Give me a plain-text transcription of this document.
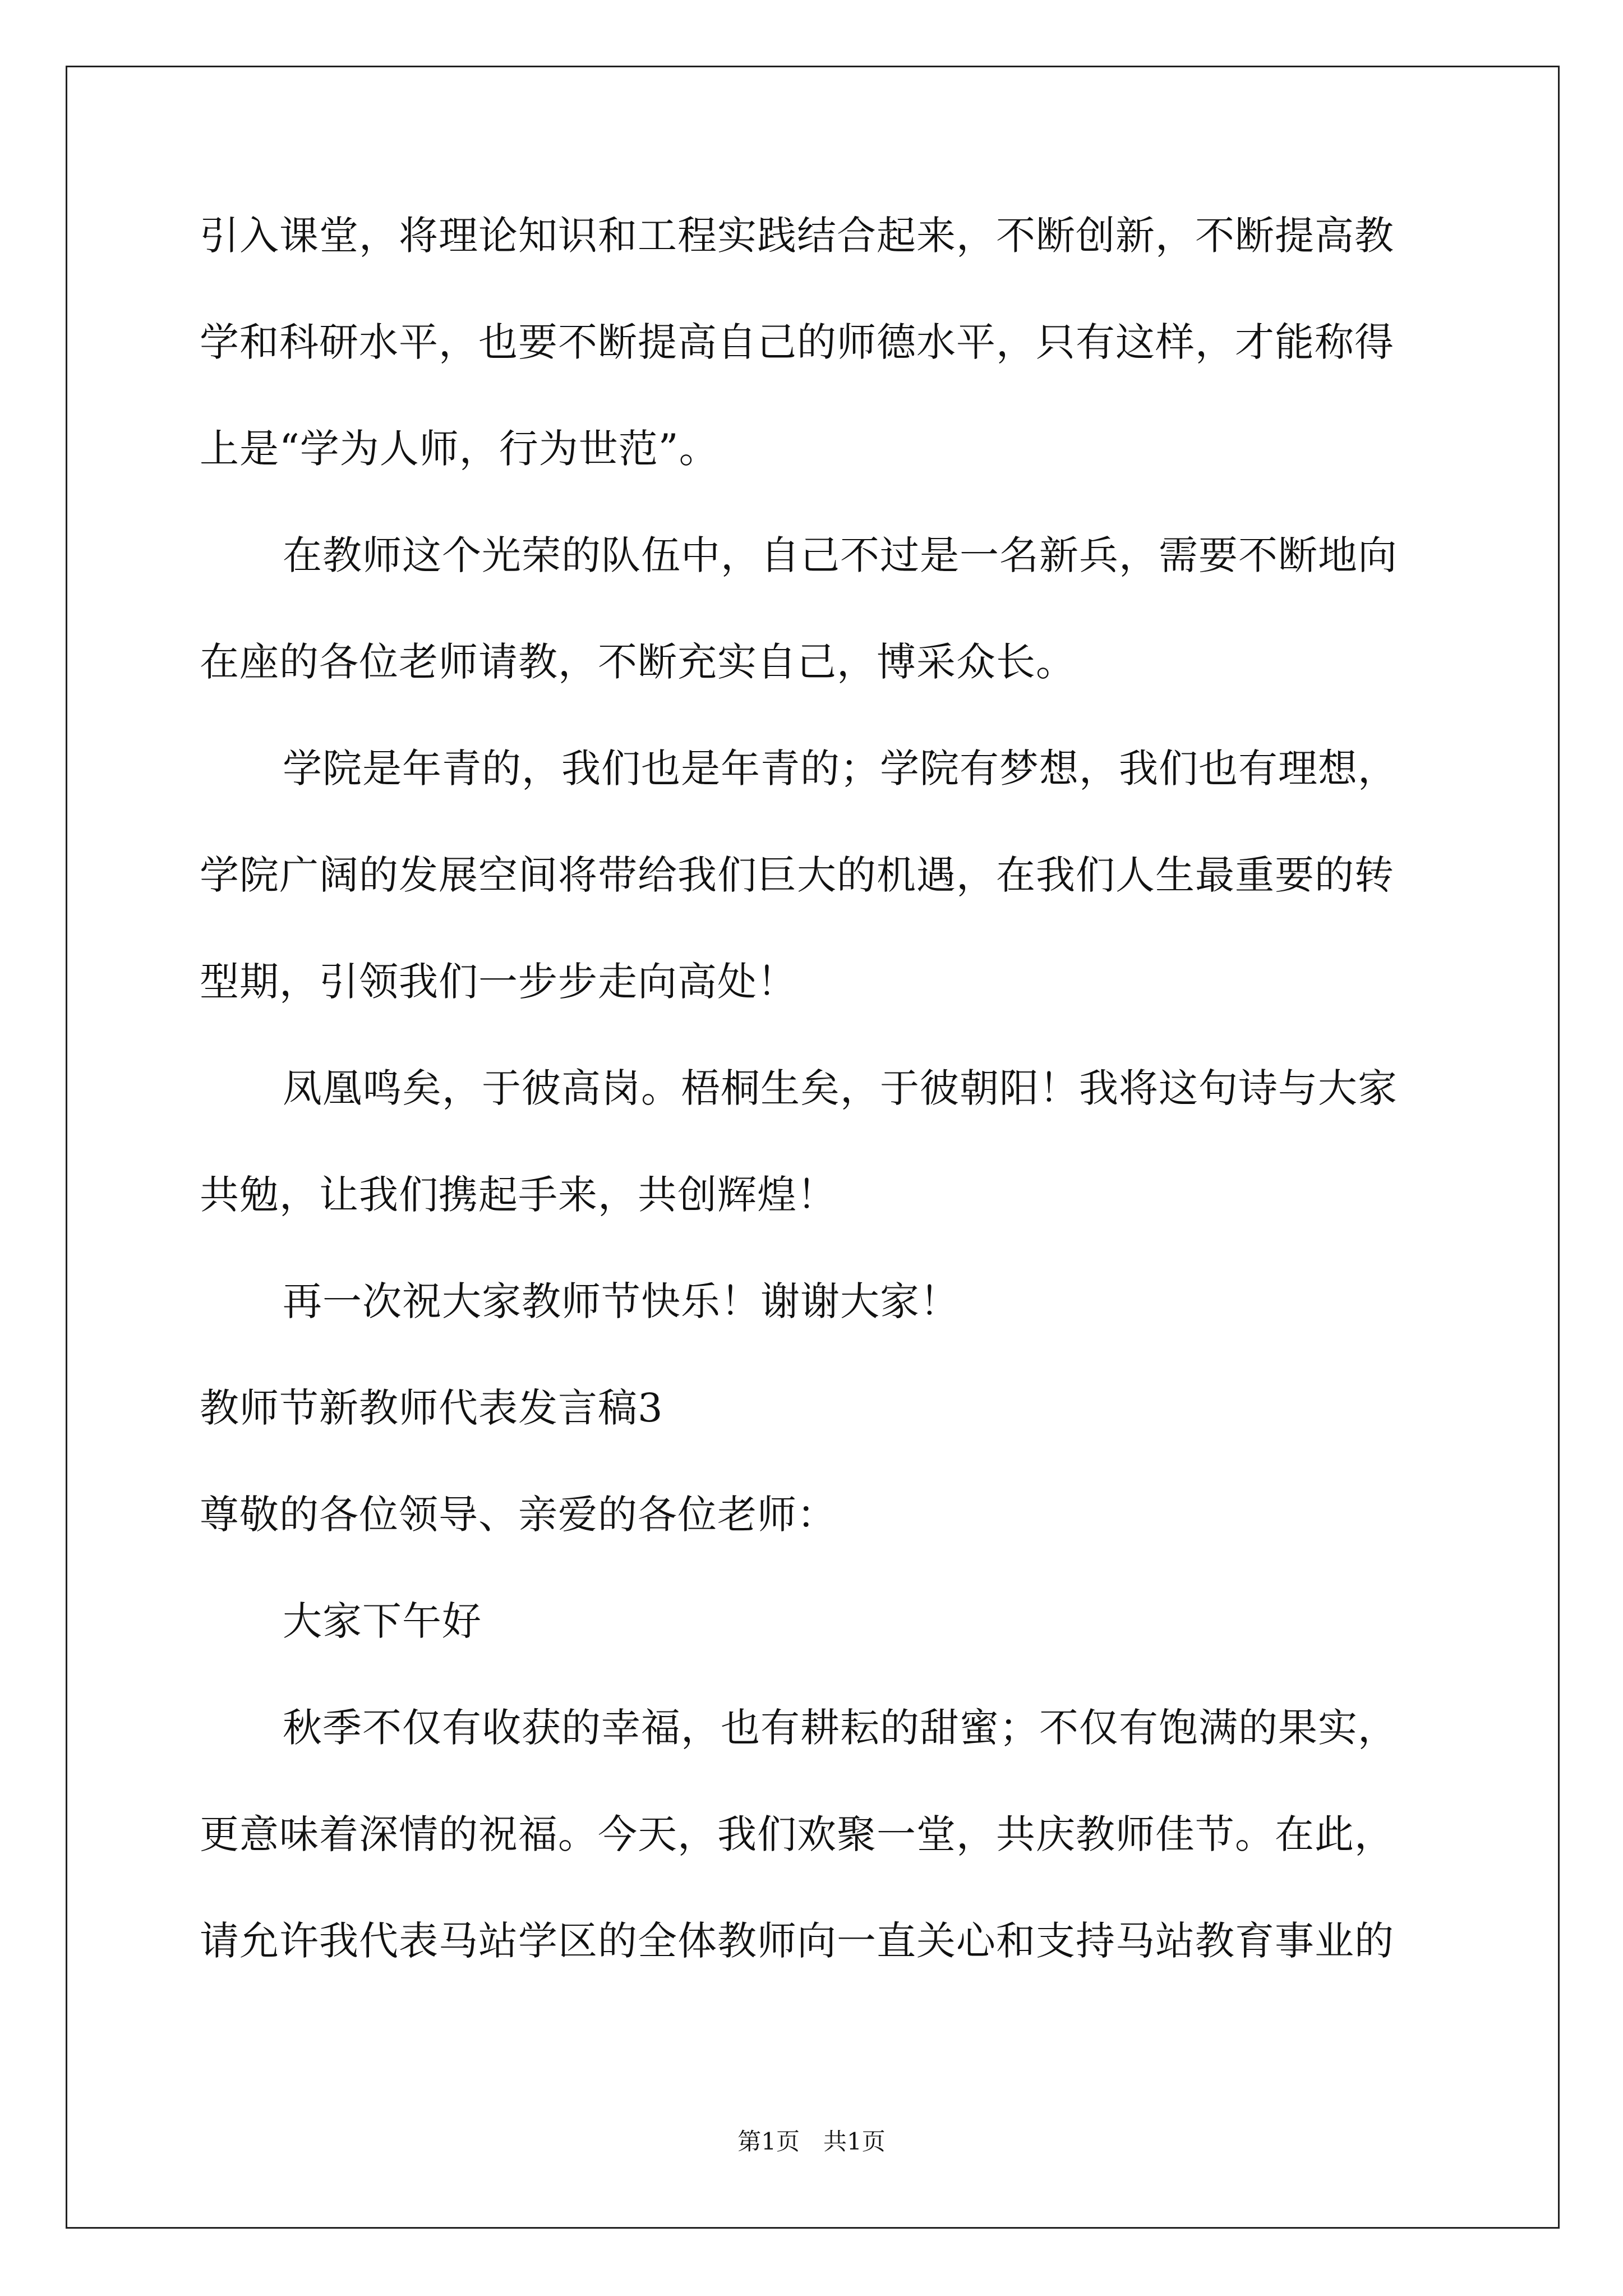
引入课堂，将理论知识和工程实践结合起来，不断创新，不断提高教
学和科研水平，也要不断提高自己的师德水平，只有这样，才能称得
上是“学为人师，行为世范”。
在教师这个光荣的队伍中，自己不过是一名新兵，需要不断地向
在座的各位老师请教，不断充实自己，博采众长。
学院是年青的，我们也是年青的；学院有梦想，我们也有理想，
学院广阔的发展空间将带给我们巨大的机遇，在我们人生最重要的转
型期，引领我们一步步走向高处！
凤凰鸣矣，于彼高岗。梧桐生矣，于彼朝阳！我将这句诗与大家
共勉，让我们携起手来，共创辉煌！
再一次祝大家教师节快乐！谢谢大家！
教师节新教师代表发言稿3
尊敬的各位领导、亲爱的各位老师：
大家下午好
秋季不仅有收获的幸福，也有耕耘的甜蜜；不仅有饱满的果实，
更意味着深情的祝福。今天，我们欢聚一堂，共庆教师佳节。在此，
请允许我代表马站学区的全体教师向一直关心和支持马站教育事业的
第1页　共1页
